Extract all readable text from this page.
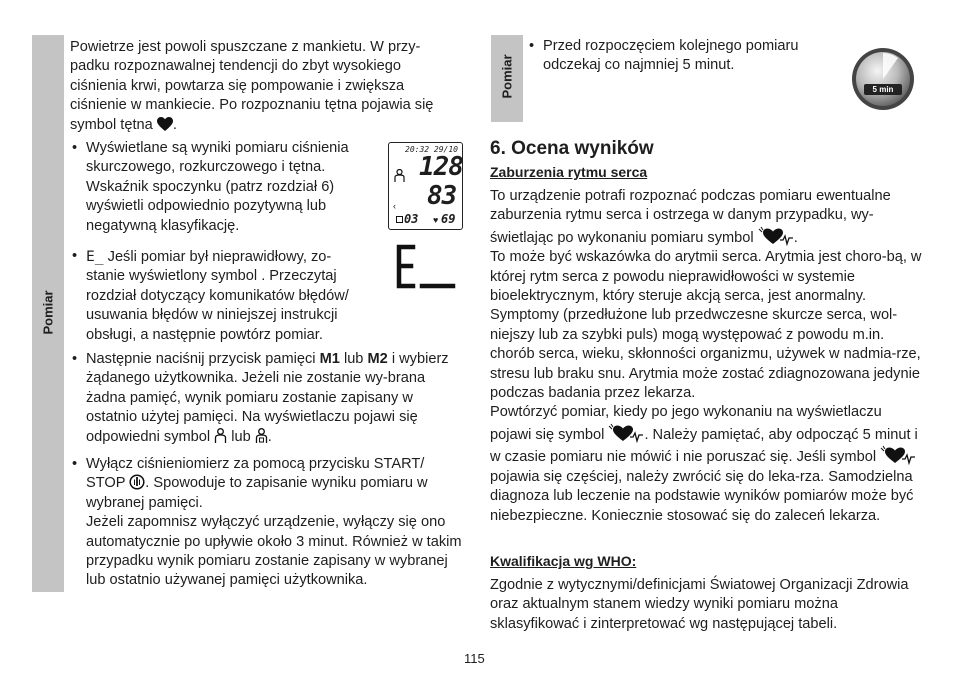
Pomiar
Pomiar

Powietrze jest powoli spuszczane z mankietu. W przy-padku rozpoznawalnej tendencji do zbyt wysokiego ciśnienia krwi, powtarza się pompowanie i zwiększa ciśnienie w mankiecie. Po rozpoznaniu tętna pojawia się symbol tętna .

• Wyświetlane są wyniki pomiaru ciśnienia skurczowego, rozkurczowego i tętna. Wskaźnik spoczynku (patrz rozdział 6) wyświetli odpowiednio pozytywną lub negatywną klasyfikację.
20:32 29/10
128
83
‹
03 ♥ 69
• E_ Jeśli pomiar był nieprawidłowy, zo-stanie wyświetlony symbol . Przeczytaj rozdział dotyczący komunikatów błędów/ usuwania błędów w niniejszej instrukcji obsługi, a następnie powtórz pomiar.
• Następnie naciśnij przycisk pamięci M1 lub M2 i wybierz żądanego użytkownika. Jeżeli nie zostanie wy-brana żadna pamięć, wynik pomiaru zostanie zapisany w ostatnio użytej pamięci. Na wyświetlaczu pojawi się odpowiedni symbol lub .
• Wyłącz ciśnieniomierz za pomocą przycisku START/ STOP . Spowoduje to zapisanie wyniku pomiaru w wybranej pamięci.

Jeżeli zapomnisz wyłączyć urządzenie, wyłączy się ono automatycznie po upływie około 3 minut. Również w takim przypadku wynik pomiaru zostanie zapisany w wybranej lub ostatnio używanej pamięci użytkownika.

• Przed rozpoczęciem kolejnego pomiaru odczekaj co najmniej 5 minut.
5 min
6. Ocena wyników
Zaburzenia rytmu serca

To urządzenie potrafi rozpoznać podczas pomiaru ewentualne zaburzenia rytmu serca i ostrzega w danym przypadku, wy-świetlając po wykonaniu pomiaru symbol	.

To może być wskazówka do arytmii serca. Arytmia jest choro-bą, w której rytm serca z powodu nieprawidłowości w systemie bioelektrycznym, który steruje akcją serca, jest anormalny. Symptomy (przedłużone lub przedwczesne skurcze serca, wol-niejszy lub za szybki puls) mogą występować z powodu m.in. chorób serca, wieku, skłonności organizmu, używek w nadmia-rze, stresu lub braku snu. Arytmia może zostać zdiagnozowana jedynie podczas badania przez lekarza.

Powtórzyć pomiar, kiedy po jego wykonaniu na wyświetlaczu pojawi się symbol	. Należy pamiętać, aby odpocząć 5 minut i w czasie pomiaru nie mówić i nie poruszać się. Jeśli symbol
pojawia się częściej, należy zwrócić się do leka-rza. Samodzielna diagnoza lub leczenie na podstawie wyników pomiarów może być niebezpieczne. Koniecznie stosować się do zaleceń lekarza.

Kwalifikacja wg WHO:
Zgodnie z wytycznymi/definicjami Światowej Organizacji Zdrowia oraz aktualnym stanem wiedzy wyniki pomiaru można sklasyfikować i zinterpretować wg następującej tabeli.
115
